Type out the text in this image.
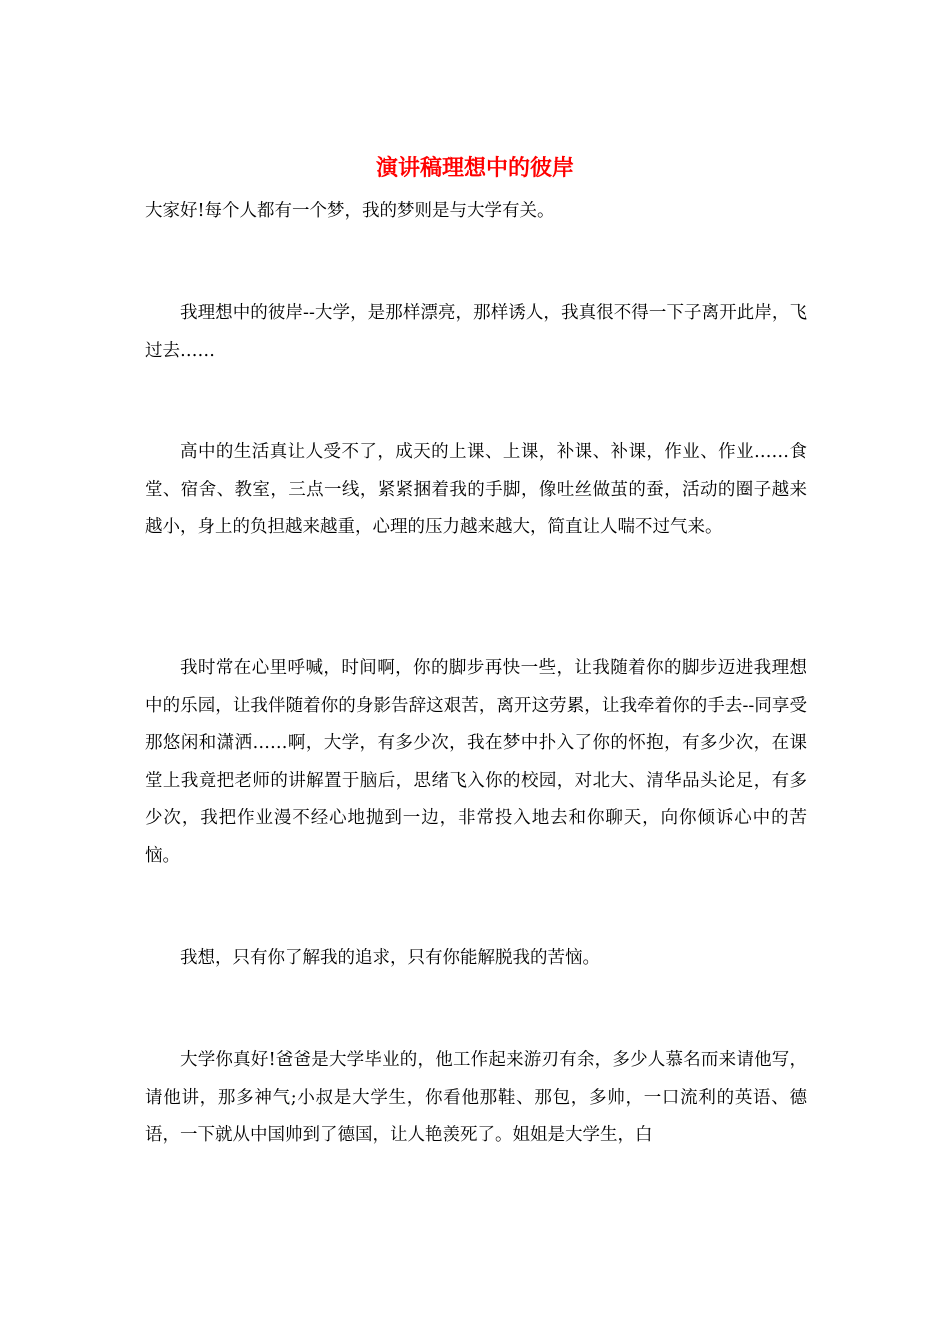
演讲稿理想中的彼岸

大家好!每个人都有一个梦，我的梦则是与大学有关。

我理想中的彼岸--大学，是那样漂亮，那样诱人，我真很不得一下子离开此岸，飞过去……

高中的生活真让人受不了，成天的上课、上课，补课、补课，作业、作业……食堂、宿舍、教室，三点一线，紧紧捆着我的手脚，像吐丝做茧的蚕，活动的圈子越来越小，身上的负担越来越重，心理的压力越来越大，简直让人喘不过气来。

我时常在心里呼喊，时间啊，你的脚步再快一些，让我随着你的脚步迈进我理想中的乐园，让我伴随着你的身影告辞这艰苦，离开这劳累，让我牵着你的手去--同享受那悠闲和潇洒……啊，大学，有多少次，我在梦中扑入了你的怀抱，有多少次，在课堂上我竟把老师的讲解置于脑后，思绪飞入你的校园，对北大、清华品头论足，有多少次，我把作业漫不经心地抛到一边，非常投入地去和你聊天，向你倾诉心中的苦恼。

我想，只有你了解我的追求，只有你能解脱我的苦恼。

大学你真好!爸爸是大学毕业的，他工作起来游刃有余，多少人慕名而来请他写，请他讲，那多神气;小叔是大学生，你看他那鞋、那包，多帅，一口流利的英语、德语，一下就从中国帅到了德国，让人艳羡死了。姐姐是大学生，白
